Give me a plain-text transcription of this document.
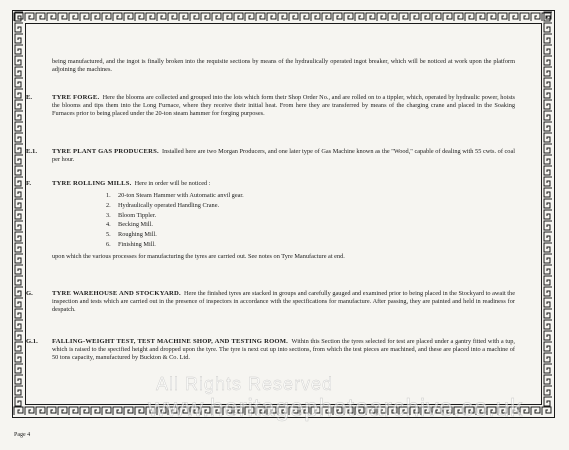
being manufactured, and the ingot is finally broken into the requisite sections by means of the hydraulically operated ingot breaker, which will be noticed at work upon the platform adjoining the machines.

E.	TYRE FORGE. Here the blooms are collected and grouped into the lots which form their Shop Order No., and are rolled on to a tippler, which, operated by hydraulic power, hoists the blooms and tips them into the Long Furnace, where they receive their initial heat. From here they are transferred by means of the charging crane and placed in the Soaking Furnaces prior to being placed under the 20-ton steam hammer for forging purposes.

E.1. TYRE PLANT GAS PRODUCERS. Installed here are two Morgan Producers, and one later type of Gas Machine known as the "Wood," capable of dealing with 55 cwts. of coal per hour.

F.	TYRE ROLLING MILLS. Here in order will be noticed :

1. 20-ton Steam Hammer with Automatic anvil gear.
2. Hydraulically operated Handling Crane.
3. Bloom Tippler.
4. Becking Mill.
5. Roughing Mill.
6. Finishing Mill.

upon which the various processes for manufacturing the tyres are carried out. See notes on Tyre Manufacture at end.

G.	TYRE WAREHOUSE AND STOCKYARD. Here the finished tyres are stacked in groups and carefully gauged and examined prior to being placed in the Stockyard to await the inspection and tests which are carried out in the presence of inspectors in accordance with the specifications for manufacture. After passing, they are painted and held in readiness for despatch.

G.1. FALLING-WEIGHT TEST, TEST MACHINE SHOP, AND TESTING ROOM. Within this Section the tyres selected for test are placed under a gantry fitted with a tup, which is raised to the specified height and dropped upon the tyre. The tyre is next cut up into sections, from which the test pieces are machined, and these are placed into a machine of 50 tons capacity, manufactured by Buckton & Co. Ltd.

All Rights Reserved
www.heritagephotoarchive.co.uk
Page 4
